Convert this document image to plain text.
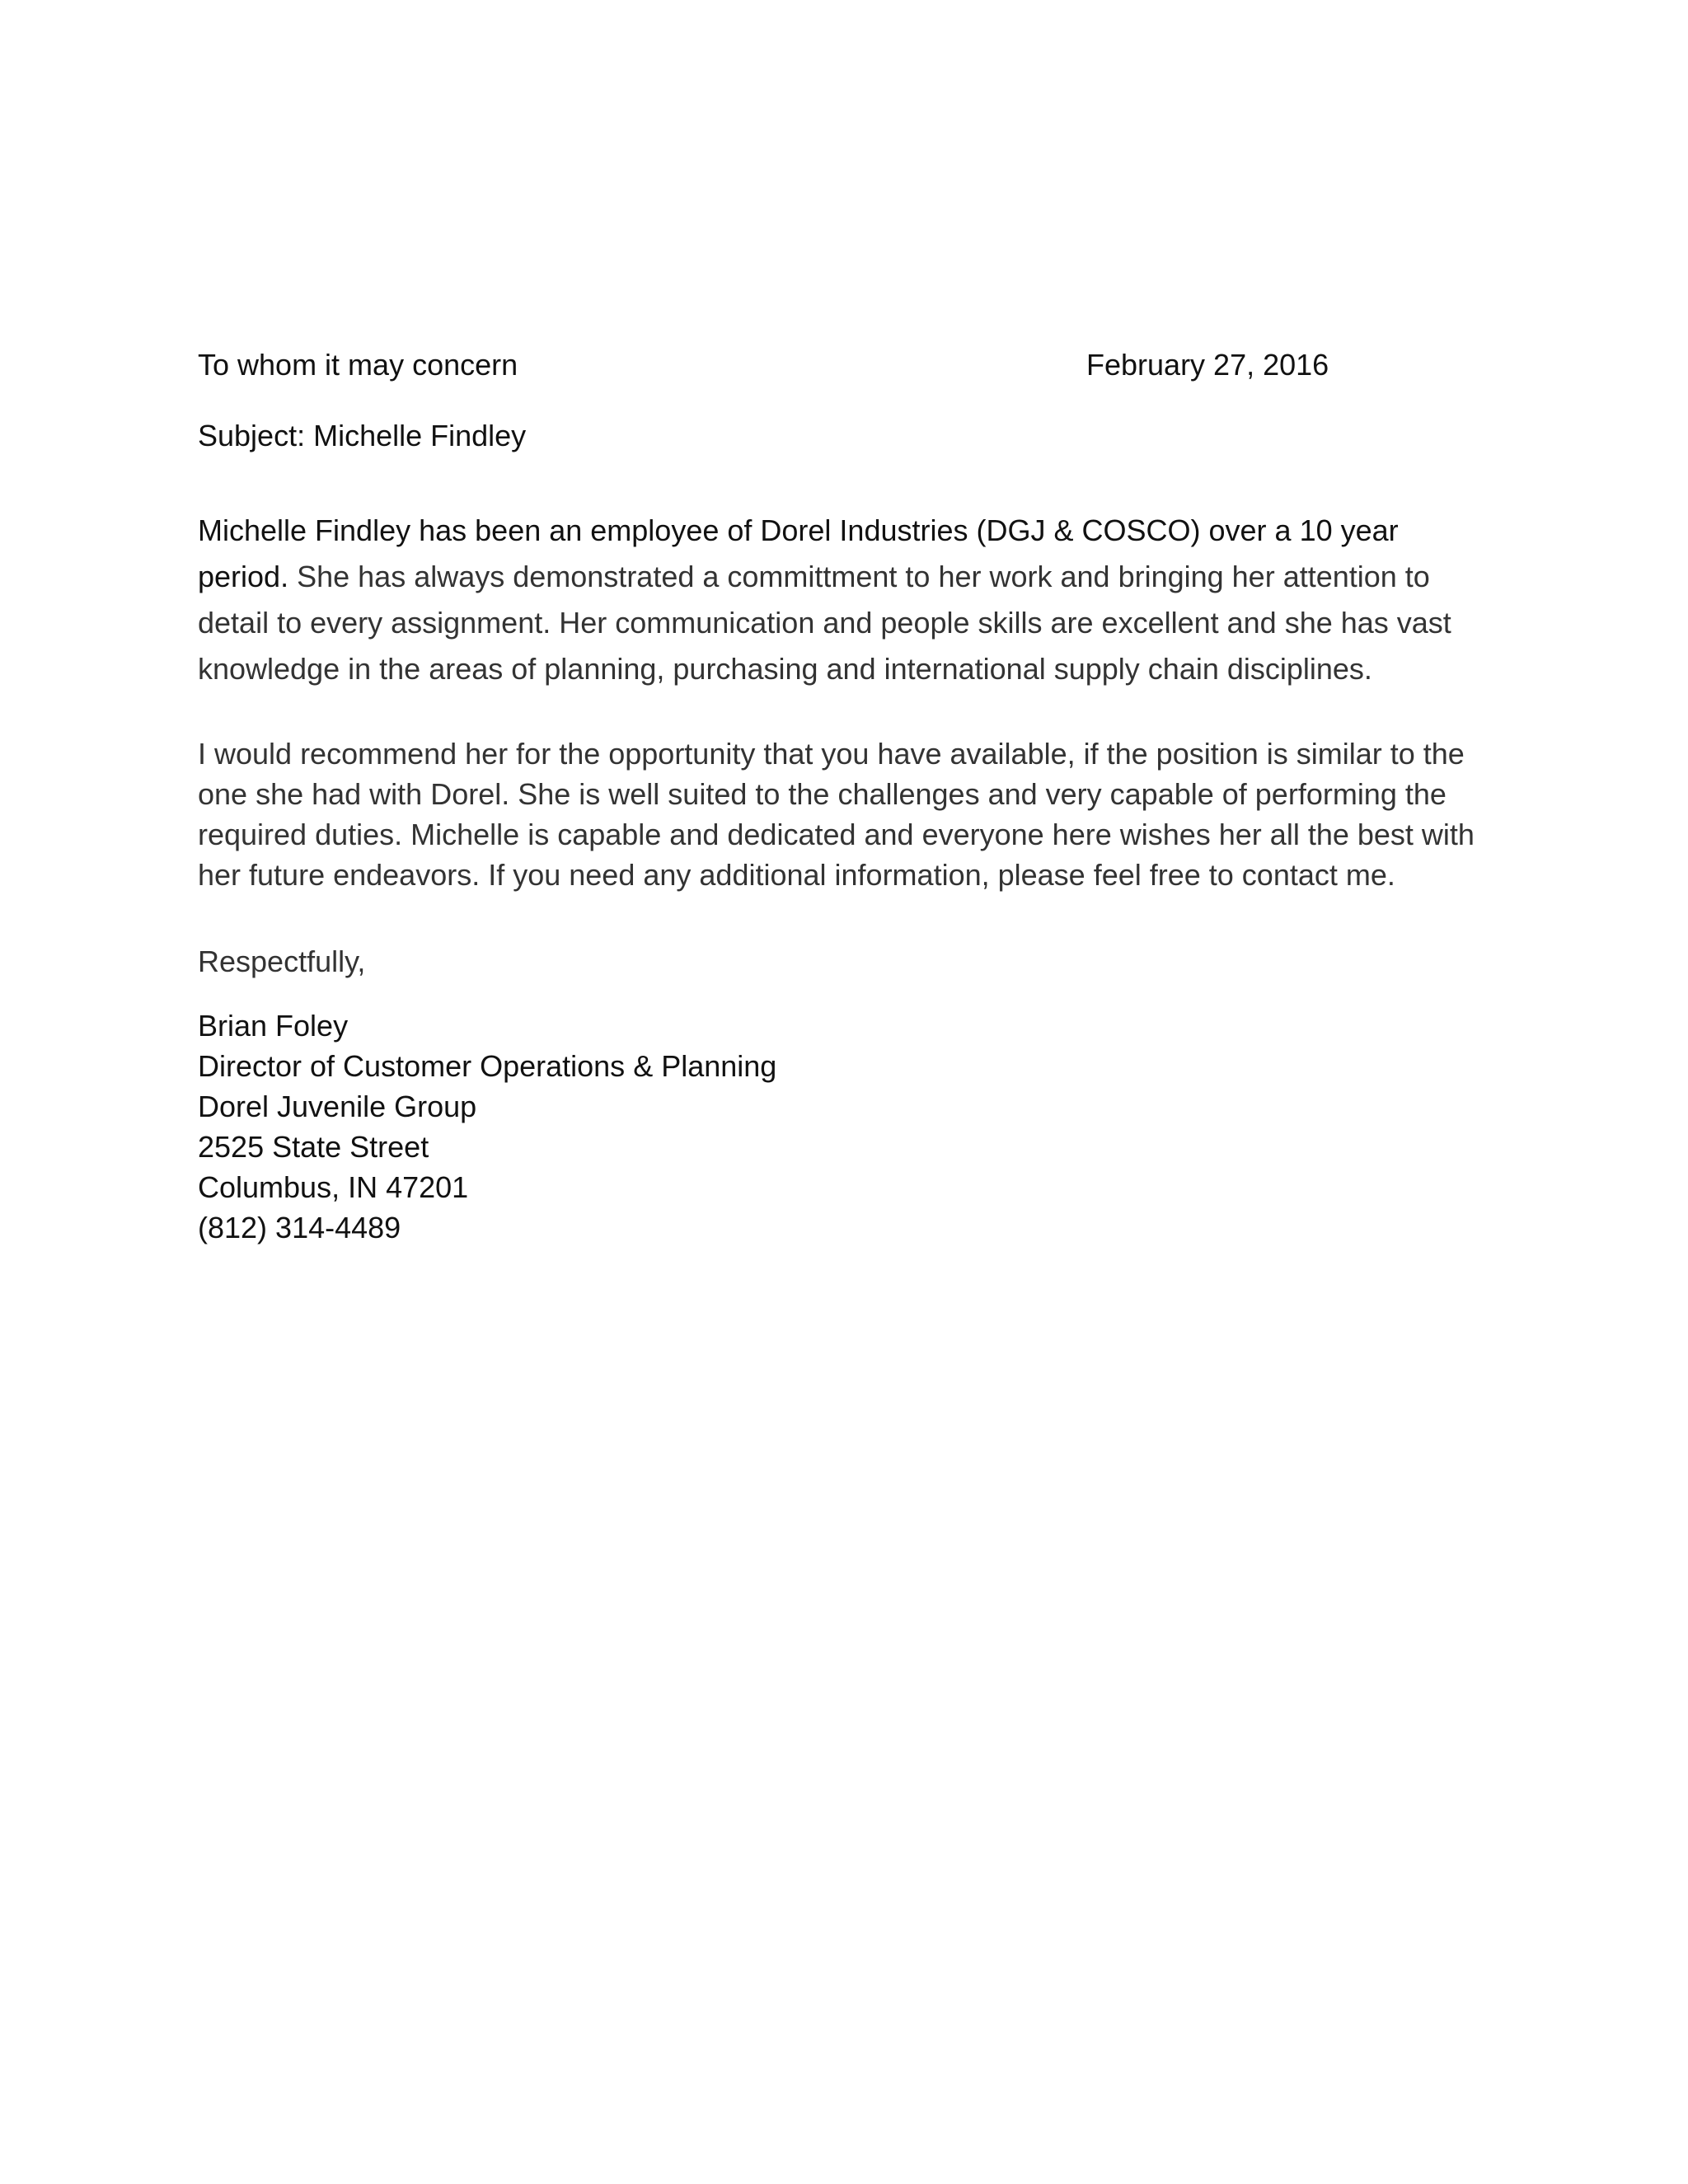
To whom it may concern	February 27, 2016
Subject: Michelle Findley
Michelle Findley has been an employee of Dorel Industries (DGJ & COSCO) over a 10 year period. She has always demonstrated a committment to her work and bringing her attention to detail to every assignment. Her communication and people skills are excellent and she has vast knowledge in the areas of planning, purchasing and international supply chain disciplines.
I would recommend her for the opportunity that you have available, if the position is similar to the one she had with Dorel. She is well suited to the challenges and very capable of performing the required duties. Michelle is capable and dedicated and everyone here wishes her all the best with her future endeavors. If you need any additional information, please feel free to contact me.
Respectfully,
Brian Foley
Director of Customer Operations & Planning
Dorel Juvenile Group
2525 State Street
Columbus, IN 47201
(812) 314-4489
